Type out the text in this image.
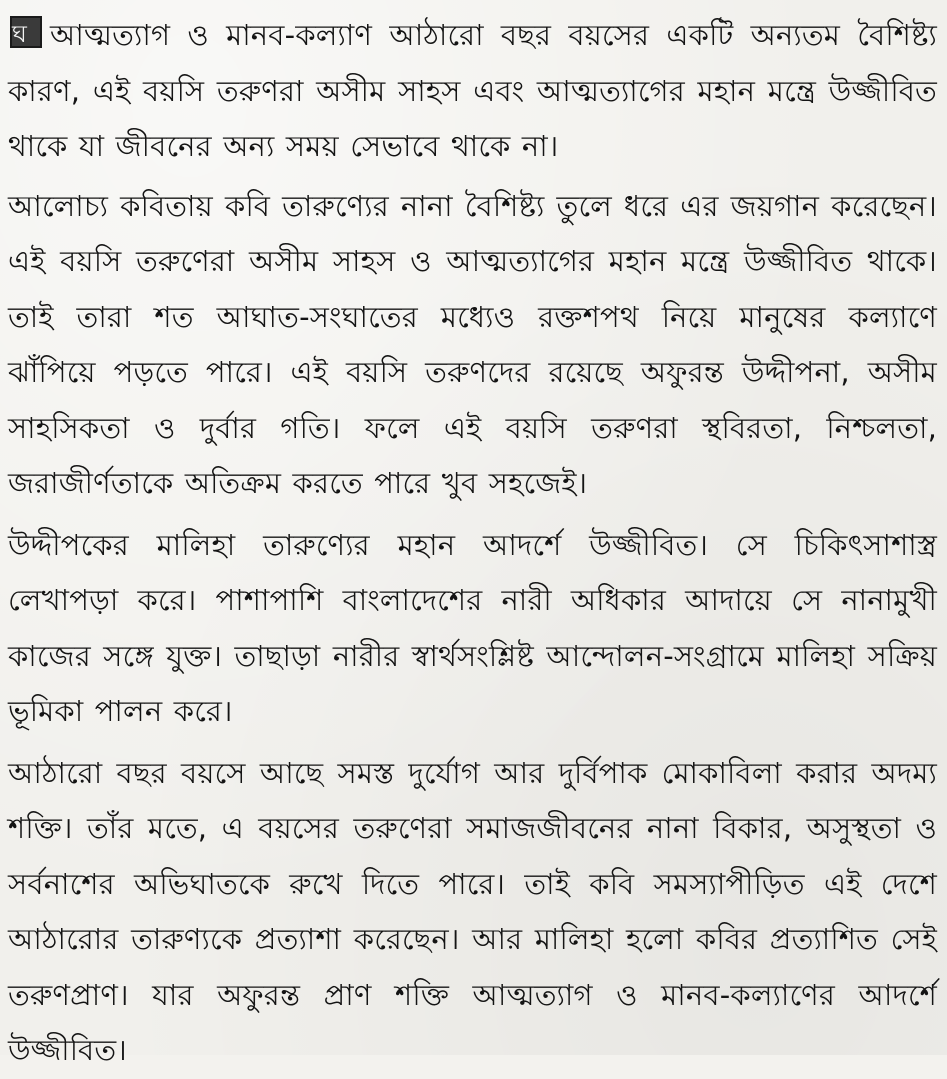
ঘ আত্মত্যাগ ও মানব-কল্যাণ আঠারো বছর বয়সের একটি অন্যতম বৈশিষ্ট্য কারণ, এই বয়সি তরুণরা অসীম সাহস এবং আত্মত্যাগের মহান মন্ত্রে উজ্জীবিত থাকে যা জীবনের অন্য সময় সেভাবে থাকে না।

আলোচ্য কবিতায় কবি তারুণ্যের নানা বৈশিষ্ট্য তুলে ধরে এর জয়গান করেছেন। এই বয়সি তরুণেরা অসীম সাহস ও আত্মত্যাগের মহান মন্ত্রে উজ্জীবিত থাকে। তাই তারা শত আঘাত-সংঘাতের মধ্যেও রক্তশপথ নিয়ে মানুষের কল্যাণে ঝাঁপিয়ে পড়তে পারে। এই বয়সি তরুণদের রয়েছে অফুরন্ত উদ্দীপনা, অসীম সাহসিকতা ও দুর্বার গতি। ফলে এই বয়সি তরুণরা স্থবিরতা, নিশ্চলতা, জরাজীর্ণতাকে অতিক্রম করতে পারে খুব সহজেই।

উদ্দীপকের মালিহা তারুণ্যের মহান আদর্শে উজ্জীবিত। সে চিকিৎসাশাস্ত্র লেখাপড়া করে। পাশাপাশি বাংলাদেশের নারী অধিকার আদায়ে সে নানামুখী কাজের সঙ্গে যুক্ত। তাছাড়া নারীর স্বার্থসংশ্লিষ্ট আন্দোলন-সংগ্রামে মালিহা সক্রিয় ভূমিকা পালন করে।

আঠারো বছর বয়সে আছে সমস্ত দুর্যোগ আর দুর্বিপাক মোকাবিলা করার অদম্য শক্তি। তাঁর মতে, এ বয়সের তরুণেরা সমাজজীবনের নানা বিকার, অসুস্থতা ও সর্বনাশের অভিঘাতকে রুখে দিতে পারে। তাই কবি সমস্যাপীড়িত এই দেশে আঠারোর তারুণ্যকে প্রত্যাশা করেছেন। আর মালিহা হলো কবির প্রত্যাশিত সেই তরুণপ্রাণ। যার অফুরন্ত প্রাণ শক্তি আত্মত্যাগ ও মানব-কল্যাণের আদর্শে উজ্জীবিত।
